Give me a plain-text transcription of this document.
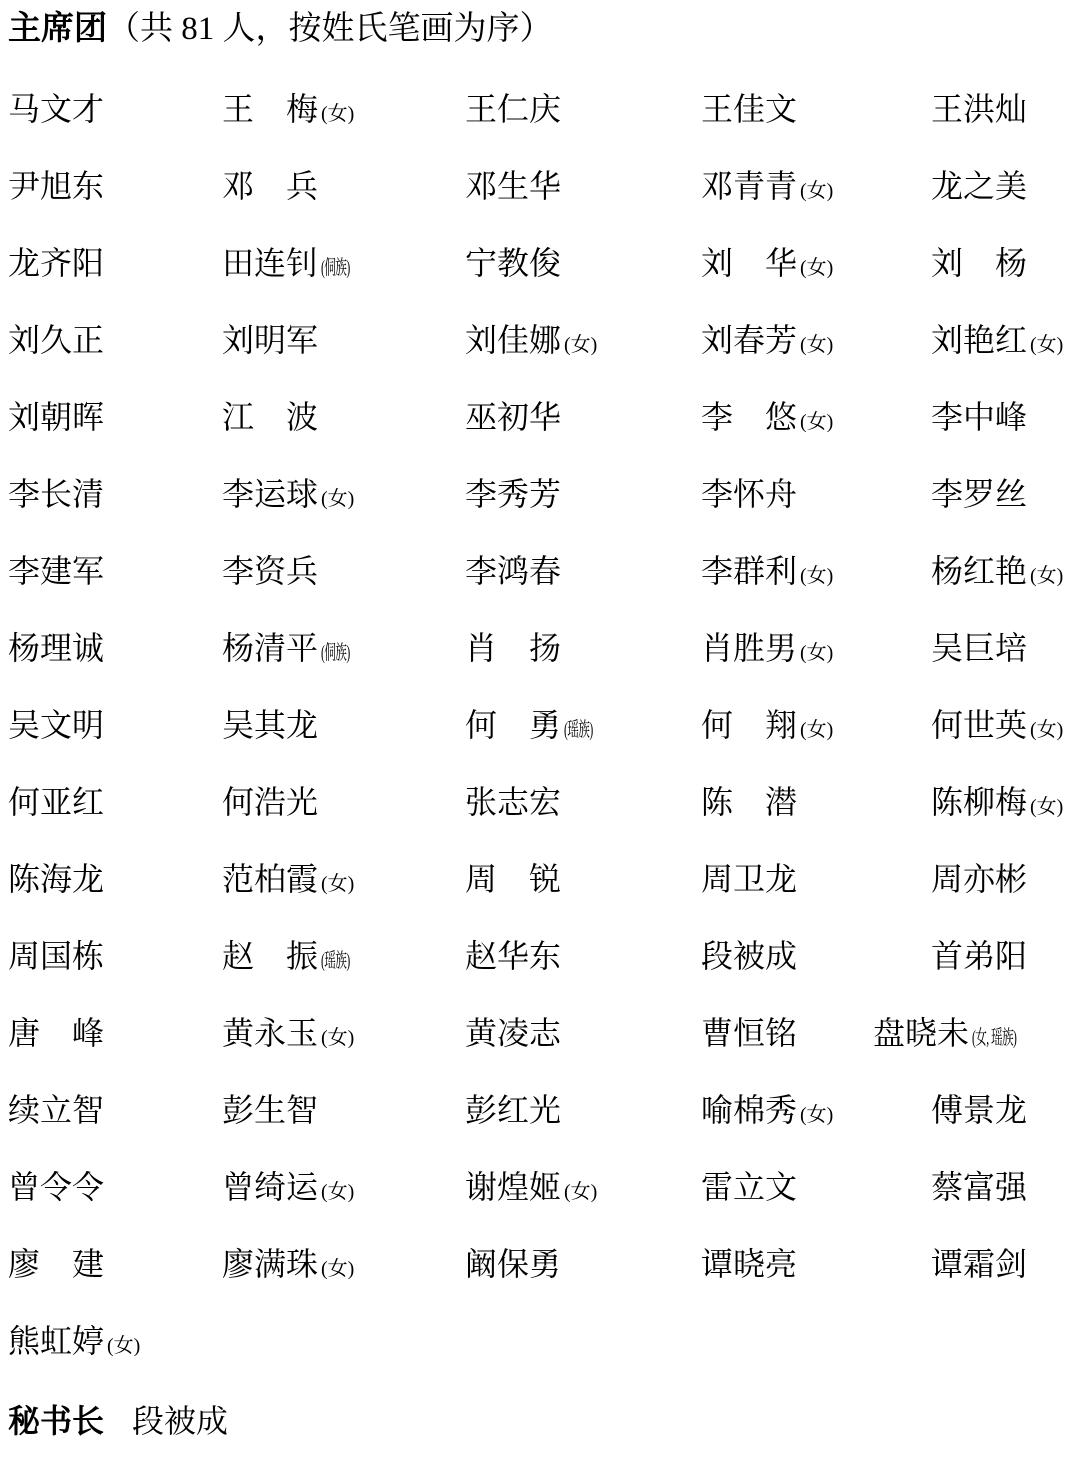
主席团（共 81 人，按姓氏笔画为序）
马文才	王梅 (女)	王仁庆	王佳文	王洪灿
尹旭东	邓兵	邓生华	邓青青 (女)	龙之美
龙齐阳	田连钊 (侗族)	宁教俊	刘华 (女)	刘杨
刘久正	刘明军	刘佳娜 (女)	刘春芳 (女)	刘艳红 (女)
刘朝晖	江波	巫初华	李悠 (女)	李中峰
李长清	李运球 (女)	李秀芳	李怀舟	李罗丝
李建军	李资兵	李鸿春	李群利 (女)	杨红艳 (女)
杨理诚	杨清平 (侗族)	肖扬	肖胜男 (女)	吴巨培
吴文明	吴其龙	何勇 (瑶族)	何翔 (女)	何世英 (女)
何亚红	何浩光	张志宏	陈潜	陈柳梅 (女)
陈海龙	范柏霞 (女)	周锐	周卫龙	周亦彬
周国栋	赵振 (瑶族)	赵华东	段被成	首弟阳
唐峰	黄永玉 (女)	黄凌志	曹恒铭	盘晓未 (女, 瑶族)
续立智	彭生智	彭红光	喻棉秀 (女)	傅景龙
曾令令	曾绮运 (女)	谢煌姬 (女)	雷立文	蔡富强
廖建	廖满珠 (女)	阚保勇	谭晓亮	谭霜剑
熊虹婷 (女)
秘书长 段被成
